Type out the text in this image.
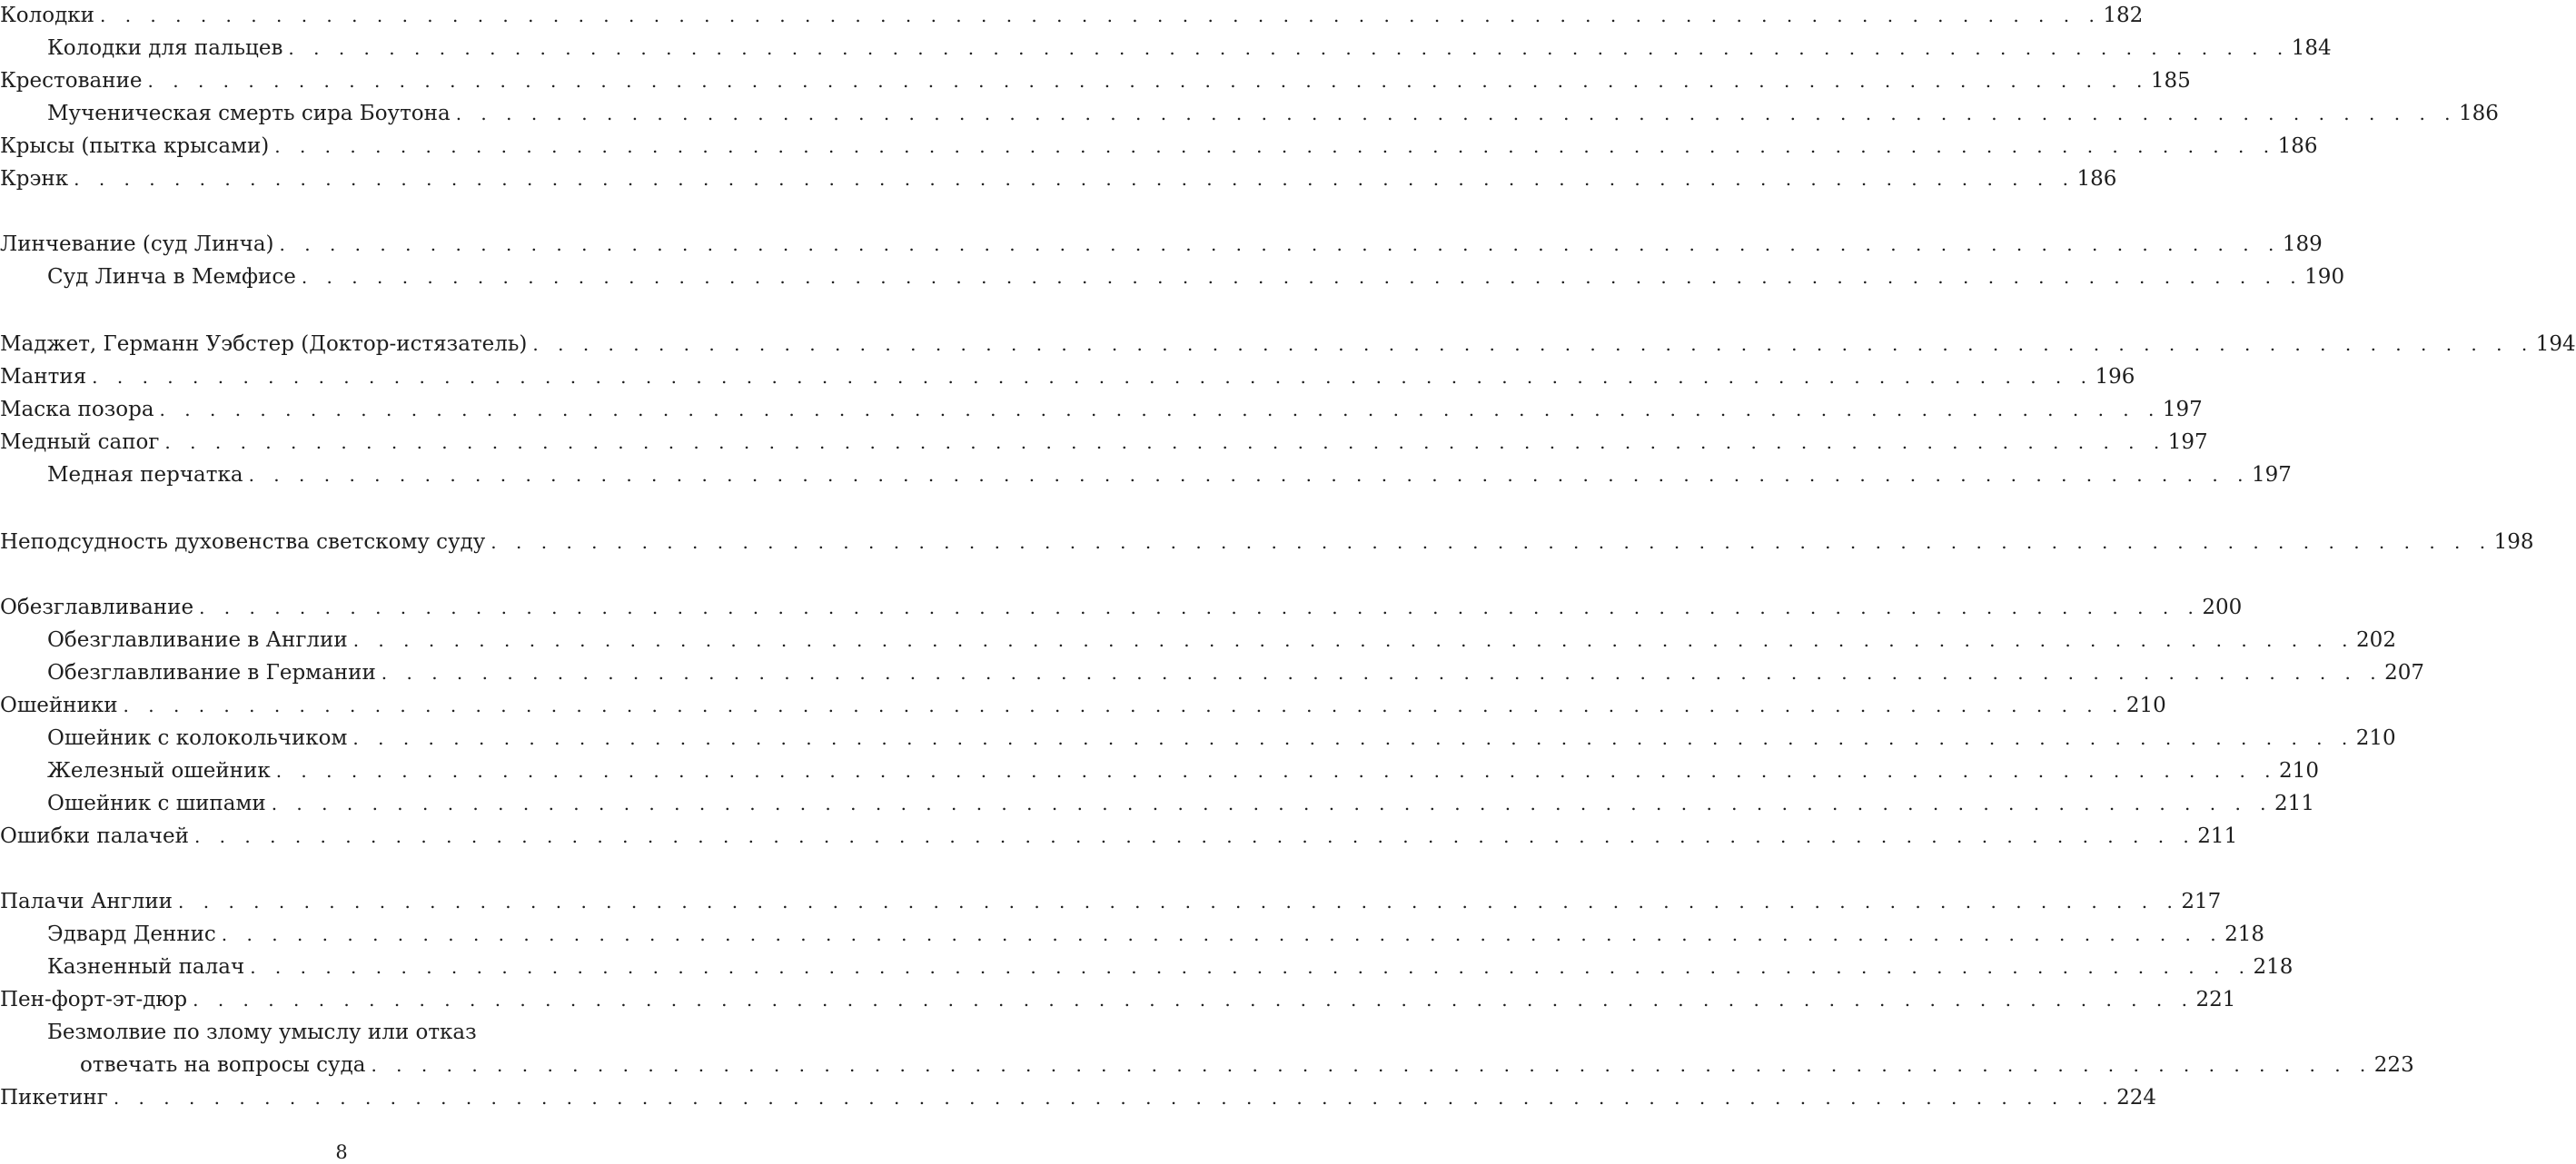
Колодки . . . . . . . . . . . . . . . . . . . . . . . . . . . . . . . . . . . . . . . . . . . . . . . . . . . . . . . . . . . . . . . . . . . . . . . . . . . . . . . . 182
Колодки для пальцев . . . . . . . . . . . . . . . . . . . . . . . . . . . . . . . . . . . . . . . . . . . . . . . . . . . . . . . . . . . . . . . . . . . . . . . . . . . . . . . . 184
Крестование . . . . . . . . . . . . . . . . . . . . . . . . . . . . . . . . . . . . . . . . . . . . . . . . . . . . . . . . . . . . . . . . . . . . . . . . . . . . . . . . 185
Мученическая смерть сира Боутона . . . . . . . . . . . . . . . . . . . . . . . . . . . . . . . . . . . . . . . . . . . . . . . . . . . . . . . . . . . . . . . . . . . . . . . . . . . . . . . . 186
Крысы (пытка крысами) . . . . . . . . . . . . . . . . . . . . . . . . . . . . . . . . . . . . . . . . . . . . . . . . . . . . . . . . . . . . . . . . . . . . . . . . . . . . . . . . 186
Крэнк . . . . . . . . . . . . . . . . . . . . . . . . . . . . . . . . . . . . . . . . . . . . . . . . . . . . . . . . . . . . . . . . . . . . . . . . . . . . . . . . 186
Линчевание (суд Линча) . . . . . . . . . . . . . . . . . . . . . . . . . . . . . . . . . . . . . . . . . . . . . . . . . . . . . . . . . . . . . . . . . . . . . . . . . . . . . . . . 189
Суд Линча в Мемфисе . . . . . . . . . . . . . . . . . . . . . . . . . . . . . . . . . . . . . . . . . . . . . . . . . . . . . . . . . . . . . . . . . . . . . . . . . . . . . . . . 190
Маджет, Германн Уэбстер (Доктор-истязатель) . . . . . . . . . . . . . . . . . . . . . . . . . . . . . . . . . . . . . . . . . . . . . . . . . . . . . . . . . . . . . . . . . . . . . . . . . . . . . . . . 194
Мантия . . . . . . . . . . . . . . . . . . . . . . . . . . . . . . . . . . . . . . . . . . . . . . . . . . . . . . . . . . . . . . . . . . . . . . . . . . . . . . . . 196
Маска позора . . . . . . . . . . . . . . . . . . . . . . . . . . . . . . . . . . . . . . . . . . . . . . . . . . . . . . . . . . . . . . . . . . . . . . . . . . . . . . . . 197
Медный сапог . . . . . . . . . . . . . . . . . . . . . . . . . . . . . . . . . . . . . . . . . . . . . . . . . . . . . . . . . . . . . . . . . . . . . . . . . . . . . . . . 197
Медная перчатка . . . . . . . . . . . . . . . . . . . . . . . . . . . . . . . . . . . . . . . . . . . . . . . . . . . . . . . . . . . . . . . . . . . . . . . . . . . . . . . . 197
Неподсудность духовенства светскому суду . . . . . . . . . . . . . . . . . . . . . . . . . . . . . . . . . . . . . . . . . . . . . . . . . . . . . . . . . . . . . . . . . . . . . . . . . . . . . . . . 198
Обезглавливание . . . . . . . . . . . . . . . . . . . . . . . . . . . . . . . . . . . . . . . . . . . . . . . . . . . . . . . . . . . . . . . . . . . . . . . . . . . . . . . . 200
Обезглавливание в Англии . . . . . . . . . . . . . . . . . . . . . . . . . . . . . . . . . . . . . . . . . . . . . . . . . . . . . . . . . . . . . . . . . . . . . . . . . . . . . . . . 202
Обезглавливание в Германии . . . . . . . . . . . . . . . . . . . . . . . . . . . . . . . . . . . . . . . . . . . . . . . . . . . . . . . . . . . . . . . . . . . . . . . . . . . . . . . . 207
Ошейники . . . . . . . . . . . . . . . . . . . . . . . . . . . . . . . . . . . . . . . . . . . . . . . . . . . . . . . . . . . . . . . . . . . . . . . . . . . . . . . . 210
Ошейник с колокольчиком . . . . . . . . . . . . . . . . . . . . . . . . . . . . . . . . . . . . . . . . . . . . . . . . . . . . . . . . . . . . . . . . . . . . . . . . . . . . . . . . 210
Железный ошейник . . . . . . . . . . . . . . . . . . . . . . . . . . . . . . . . . . . . . . . . . . . . . . . . . . . . . . . . . . . . . . . . . . . . . . . . . . . . . . . . 210
Ошейник с шипами . . . . . . . . . . . . . . . . . . . . . . . . . . . . . . . . . . . . . . . . . . . . . . . . . . . . . . . . . . . . . . . . . . . . . . . . . . . . . . . . 211
Ошибки палачей . . . . . . . . . . . . . . . . . . . . . . . . . . . . . . . . . . . . . . . . . . . . . . . . . . . . . . . . . . . . . . . . . . . . . . . . . . . . . . . . 211
Палачи Англии . . . . . . . . . . . . . . . . . . . . . . . . . . . . . . . . . . . . . . . . . . . . . . . . . . . . . . . . . . . . . . . . . . . . . . . . . . . . . . . . 217
Эдвард Деннис . . . . . . . . . . . . . . . . . . . . . . . . . . . . . . . . . . . . . . . . . . . . . . . . . . . . . . . . . . . . . . . . . . . . . . . . . . . . . . . . 218
Казненный палач . . . . . . . . . . . . . . . . . . . . . . . . . . . . . . . . . . . . . . . . . . . . . . . . . . . . . . . . . . . . . . . . . . . . . . . . . . . . . . . . 218
Пен-форт-эт-дюр . . . . . . . . . . . . . . . . . . . . . . . . . . . . . . . . . . . . . . . . . . . . . . . . . . . . . . . . . . . . . . . . . . . . . . . . . . . . . . . . 221
Безмолвие по злому умыслу или отказ
отвечать на вопросы суда . . . . . . . . . . . . . . . . . . . . . . . . . . . . . . . . . . . . . . . . . . . . . . . . . . . . . . . . . . . . . . . . . . . . . . . . . . . . . . . . 223
Пикетинг . . . . . . . . . . . . . . . . . . . . . . . . . . . . . . . . . . . . . . . . . . . . . . . . . . . . . . . . . . . . . . . . . . . . . . . . . . . . . . . . 224
8
